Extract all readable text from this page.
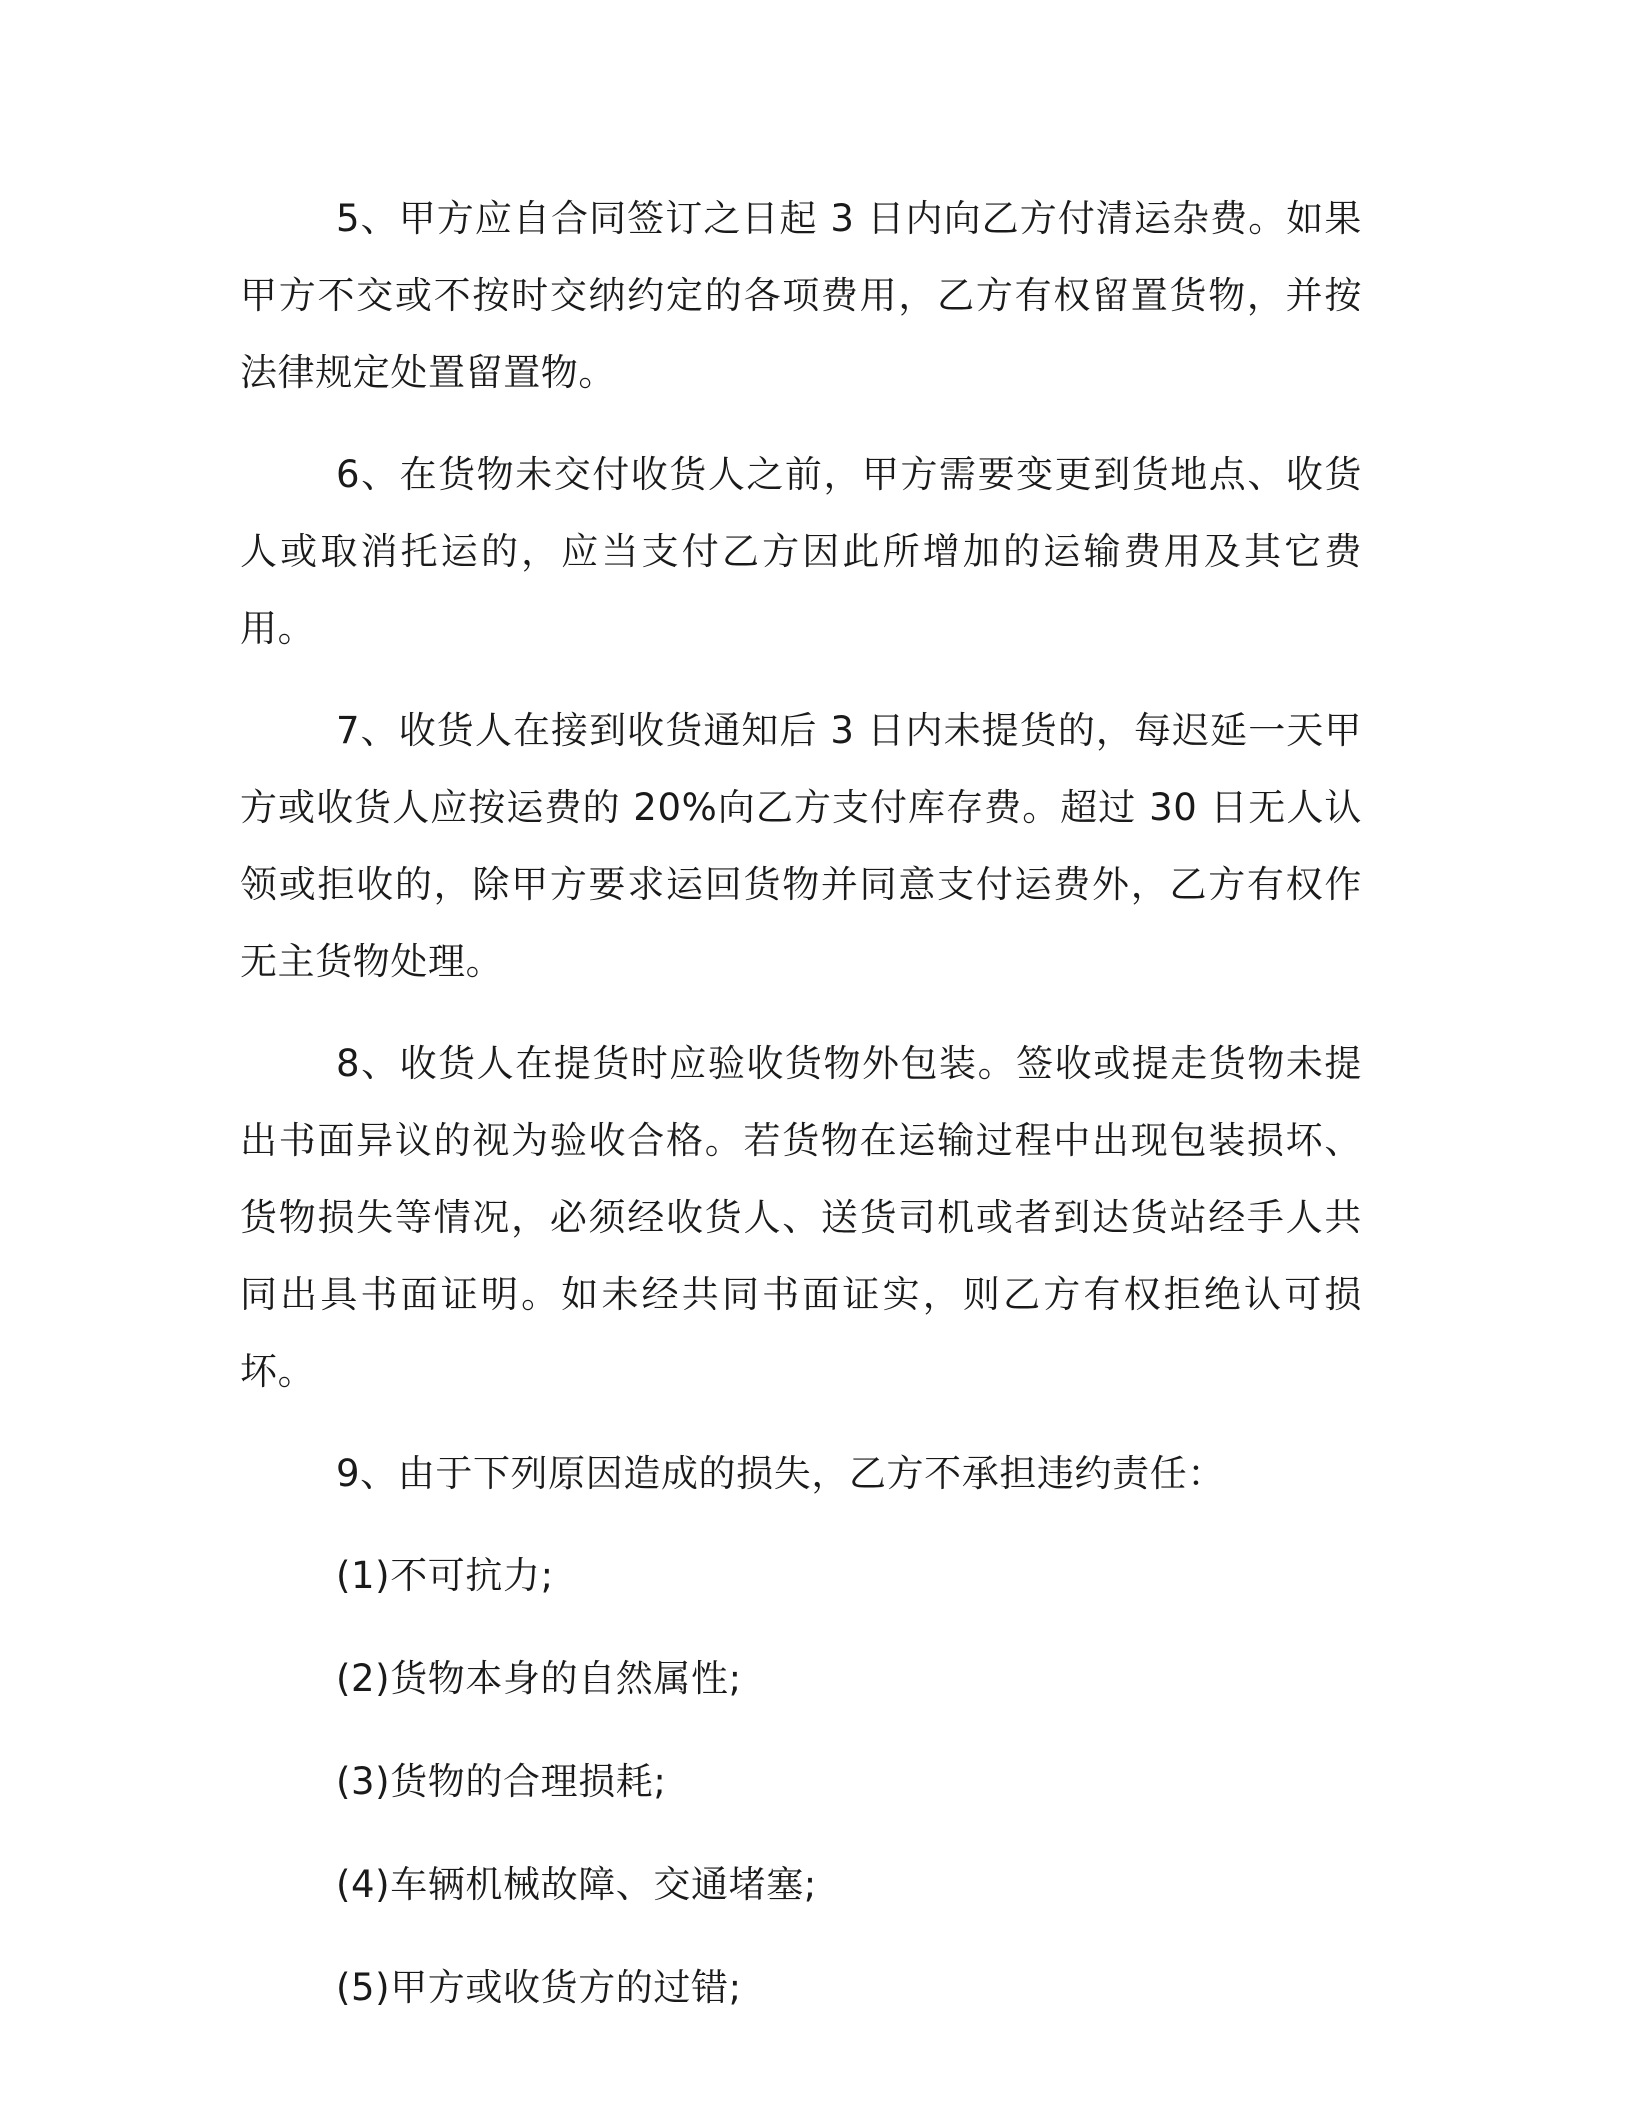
5、甲方应自合同签订之日起 3 日内向乙方付清运杂费。如果甲方不交或不按时交纳约定的各项费用，乙方有权留置货物，并按法律规定处置留置物。

6、在货物未交付收货人之前，甲方需要变更到货地点、收货人或取消托运的，应当支付乙方因此所增加的运输费用及其它费用。

7、收货人在接到收货通知后 3 日内未提货的，每迟延一天甲方或收货人应按运费的 20%向乙方支付库存费。超过 30 日无人认领或拒收的，除甲方要求运回货物并同意支付运费外，乙方有权作无主货物处理。

8、收货人在提货时应验收货物外包装。签收或提走货物未提出书面异议的视为验收合格。若货物在运输过程中出现包装损坏、货物损失等情况，必须经收货人、送货司机或者到达货站经手人共同出具书面证明。如未经共同书面证实，则乙方有权拒绝认可损坏。

9、由于下列原因造成的损失，乙方不承担违约责任：

(1)不可抗力;

(2)货物本身的自然属性;

(3)货物的合理损耗;

(4)车辆机械故障、交通堵塞;

(5)甲方或收货方的过错;
